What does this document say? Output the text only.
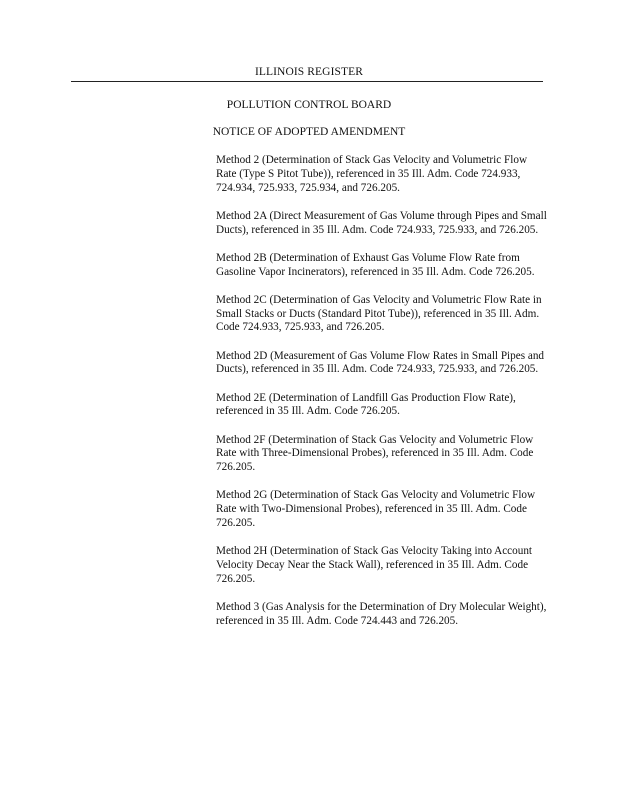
ILLINOIS REGISTER
POLLUTION CONTROL BOARD
NOTICE OF ADOPTED AMENDMENT
Method 2 (Determination of Stack Gas Velocity and Volumetric Flow Rate (Type S Pitot Tube)), referenced in 35 Ill. Adm. Code 724.933, 724.934, 725.933, 725.934, and 726.205.
Method 2A (Direct Measurement of Gas Volume through Pipes and Small Ducts), referenced in 35 Ill. Adm. Code 724.933, 725.933, and 726.205.
Method 2B (Determination of Exhaust Gas Volume Flow Rate from Gasoline Vapor Incinerators), referenced in 35 Ill. Adm. Code 726.205.
Method 2C (Determination of Gas Velocity and Volumetric Flow Rate in Small Stacks or Ducts (Standard Pitot Tube)), referenced in 35 Ill. Adm. Code 724.933, 725.933, and 726.205.
Method 2D (Measurement of Gas Volume Flow Rates in Small Pipes and Ducts), referenced in 35 Ill. Adm. Code 724.933, 725.933, and 726.205.
Method 2E (Determination of Landfill Gas Production Flow Rate), referenced in 35 Ill. Adm. Code 726.205.
Method 2F (Determination of Stack Gas Velocity and Volumetric Flow Rate with Three-Dimensional Probes), referenced in 35 Ill. Adm. Code 726.205.
Method 2G (Determination of Stack Gas Velocity and Volumetric Flow Rate with Two-Dimensional Probes), referenced in 35 Ill. Adm. Code 726.205.
Method 2H (Determination of Stack Gas Velocity Taking into Account Velocity Decay Near the Stack Wall), referenced in 35 Ill. Adm. Code 726.205.
Method 3 (Gas Analysis for the Determination of Dry Molecular Weight), referenced in 35 Ill. Adm. Code 724.443 and 726.205.
